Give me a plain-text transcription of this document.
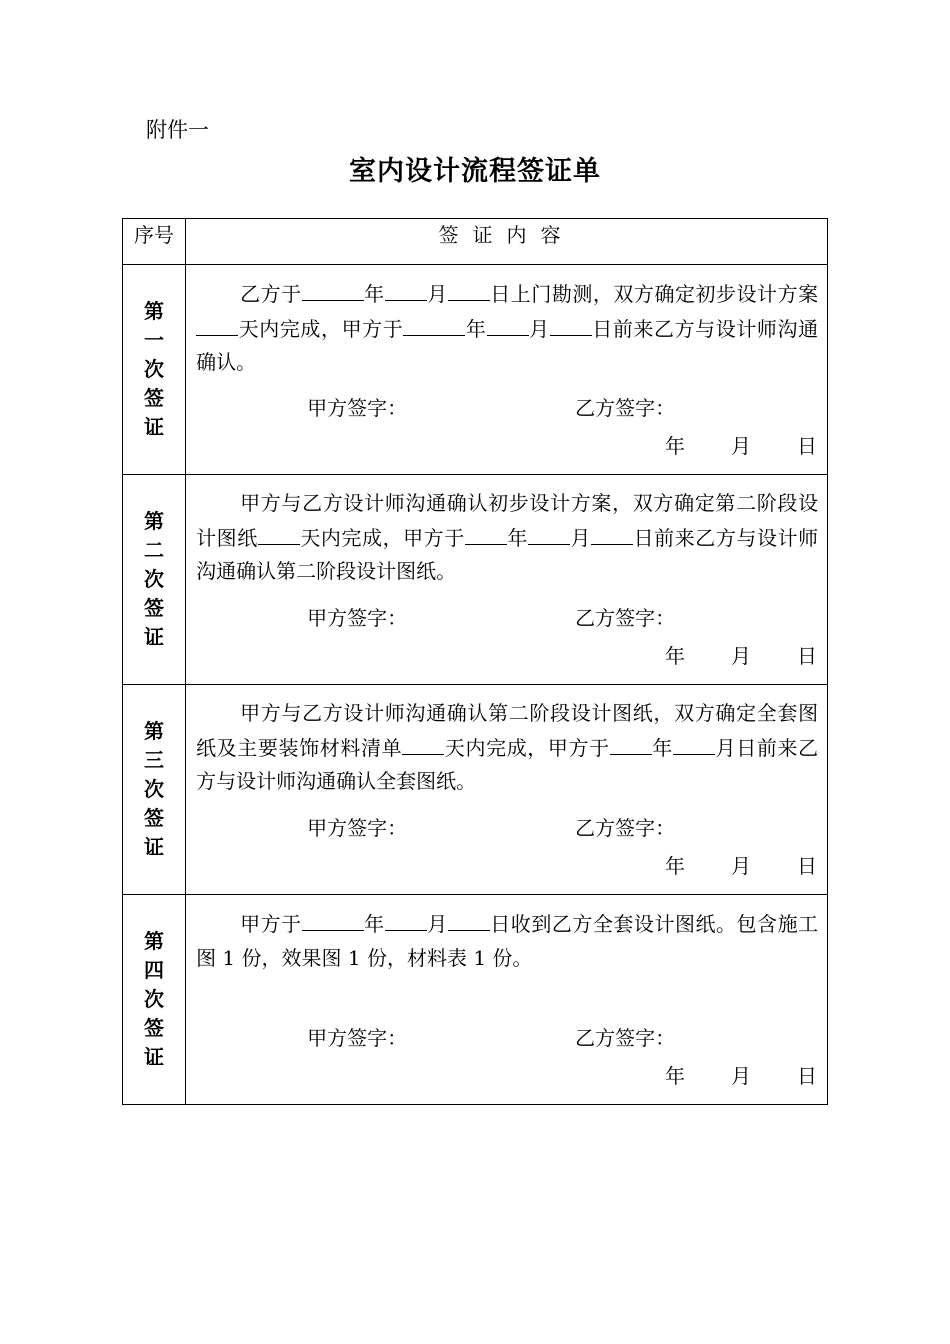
附件一
室内设计流程签证单
序号	签证内容

第一次签证	乙方于 年 月 日上门勘测，双方确定初步设计方案天内完成，甲方于 年 月 日前来乙方与设计师沟通确认。

甲方签字： 乙方签字：
年 月 日

第二次签证	甲方与乙方设计师沟通确认初步设计方案，双方确定第二阶段设计图纸 天内完成，甲方于 年 月 日前来乙方与设计师沟通确认第二阶段设计图纸。

甲方签字： 乙方签字：
年 月 日

第三次签证	甲方与乙方设计师沟通确认第二阶段设计图纸，双方确定全套图纸及主要装饰材料清单 天内完成，甲方于 年 月日前来乙方与设计师沟通确认全套图纸。

甲方签字： 乙方签字：
年 月 日

第四次签证	甲方于 年 月 日收到乙方全套设计图纸。包含施工图 1 份，效果图 1 份，材料表 1 份。

甲方签字： 乙方签字：
年 月 日
